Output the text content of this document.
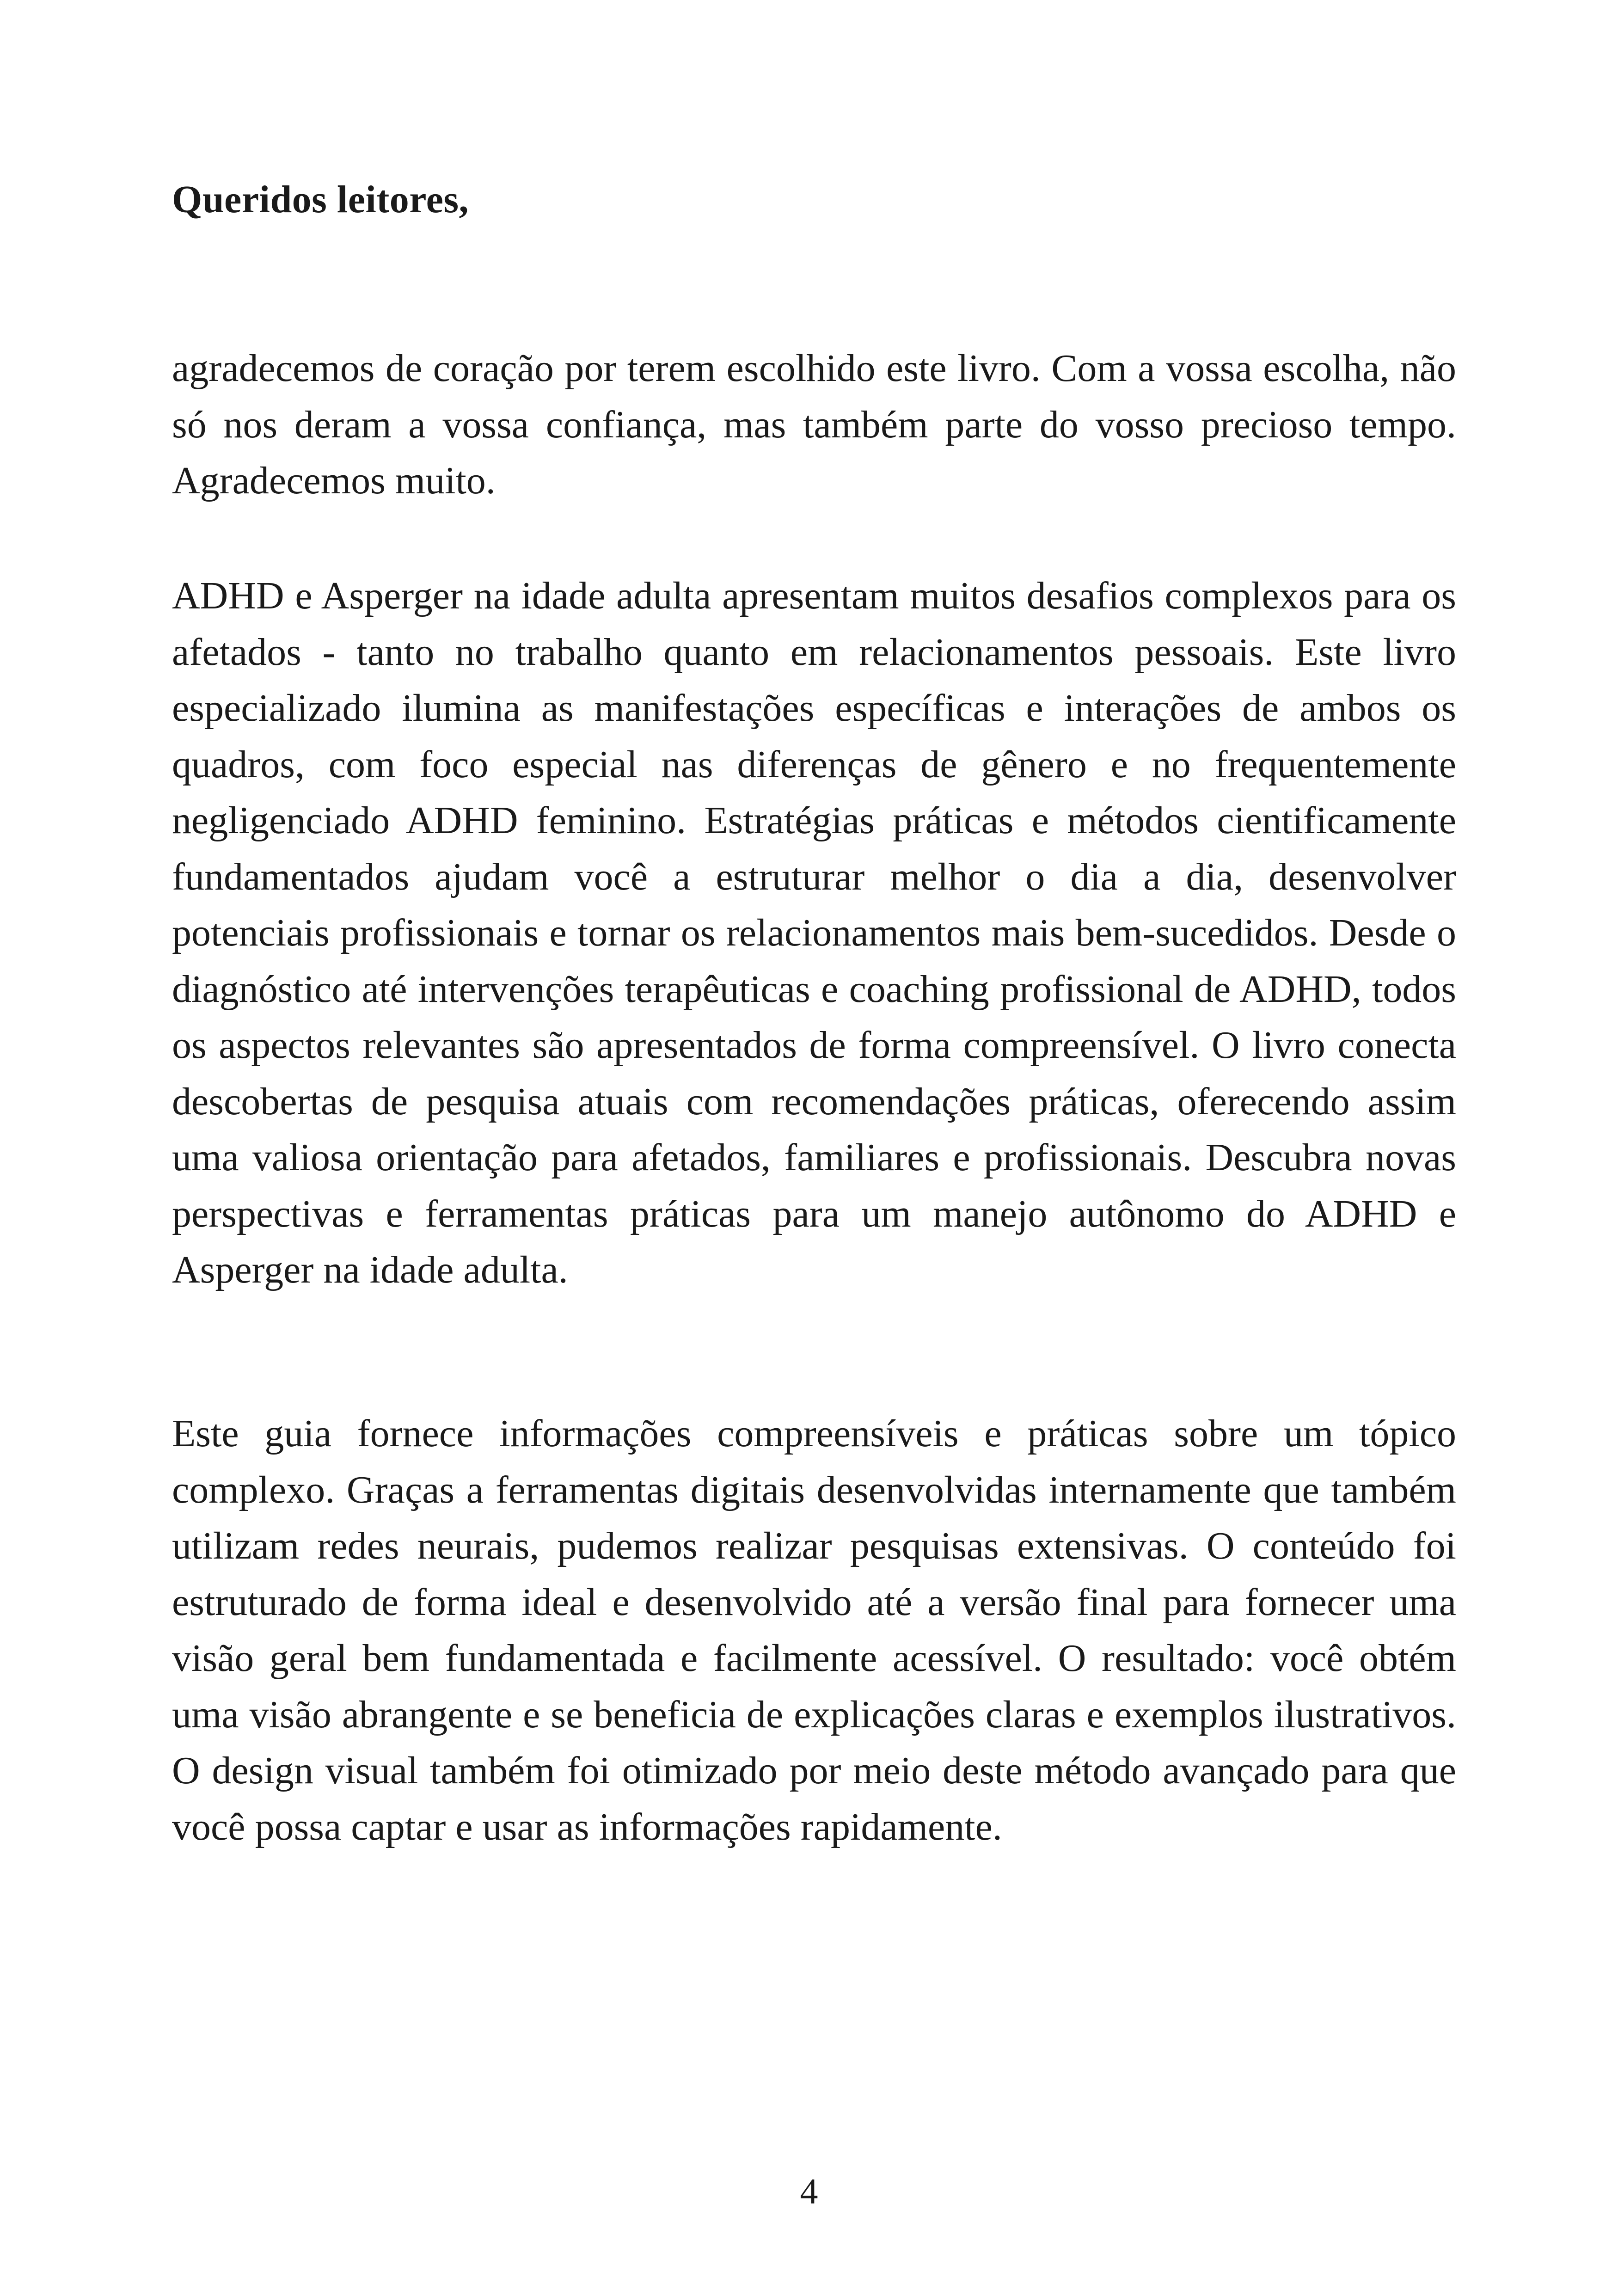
Queridos leitores,

agradecemos de coração por terem escolhido este livro. Com a vossa escolha, não só nos deram a vossa confiança, mas também parte do vosso precioso tempo. Agradecemos muito.

ADHD e Asperger na idade adulta apresentam muitos desafios complexos para os afetados - tanto no trabalho quanto em relacionamentos pessoais. Este livro especializado ilumina as manifestações específicas e interações de ambos os quadros, com foco especial nas diferenças de gênero e no frequentemente negligenciado ADHD feminino. Estratégias práticas e métodos cientificamente fundamentados ajudam você a estruturar melhor o dia a dia, desenvolver potenciais profissionais e tornar os relacionamentos mais bem-sucedidos. Desde o diagnóstico até intervenções terapêuticas e coaching profissional de ADHD, todos os aspectos relevantes são apresentados de forma compreensível. O livro conecta descobertas de pesquisa atuais com recomendações práticas, oferecendo assim uma valiosa orientação para afetados, familiares e profissionais. Descubra novas perspectivas e ferramentas práticas para um manejo autônomo do ADHD e Asperger na idade adulta.

Este guia fornece informações compreensíveis e práticas sobre um tópico complexo. Graças a ferramentas digitais desenvolvidas internamente que também utilizam redes neurais, pudemos realizar pesquisas extensivas. O conteúdo foi estruturado de forma ideal e desenvolvido até a versão final para fornecer uma visão geral bem fundamentada e facilmente acessível. O resultado: você obtém uma visão abrangente e se beneficia de explicações claras e exemplos ilustrativos. O design visual também foi otimizado por meio deste método avançado para que você possa captar e usar as informações rapidamente.

4
